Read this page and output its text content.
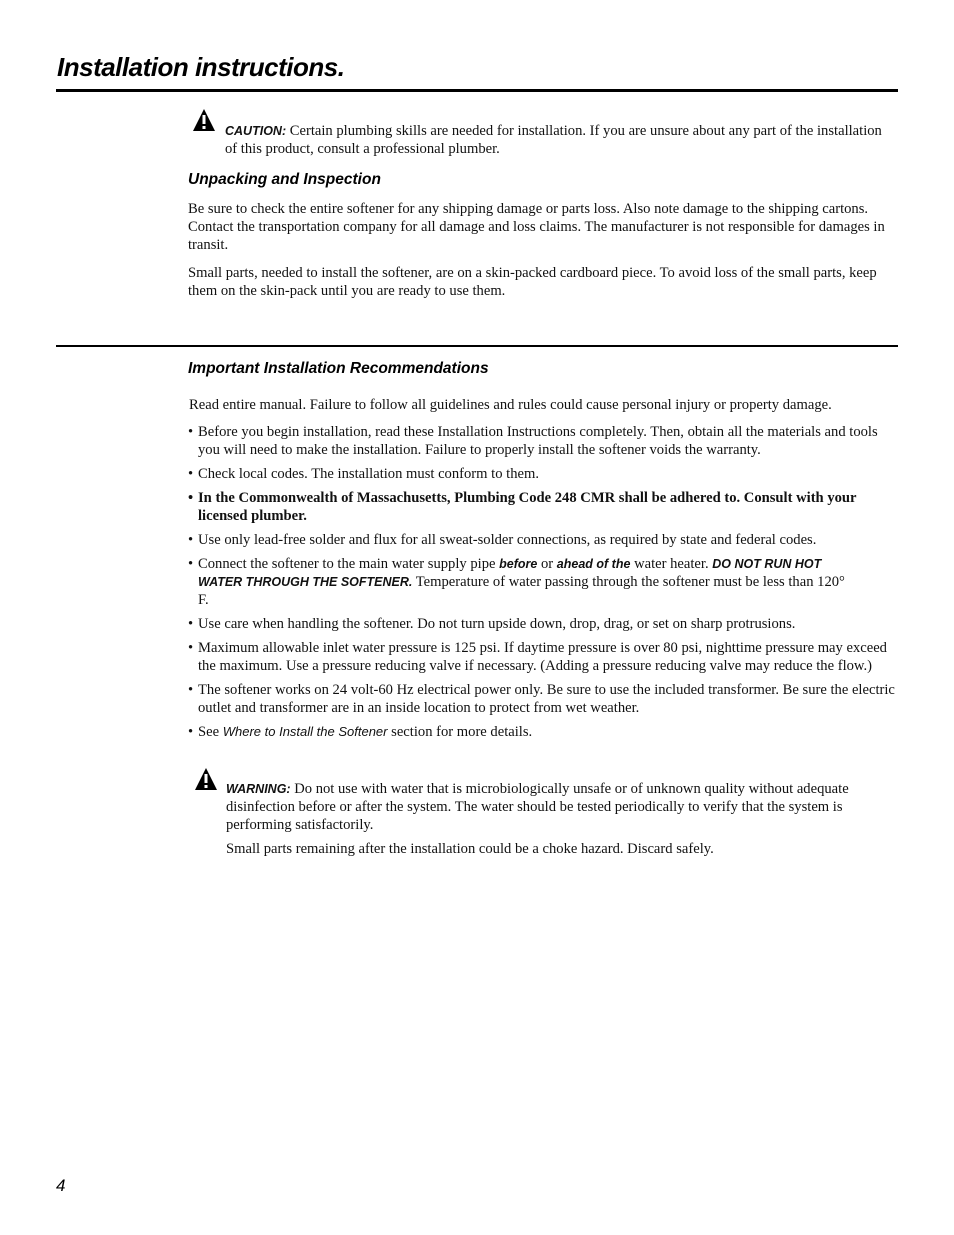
Installation instructions.

CAUTION: Certain plumbing skills are needed for installation. If you are unsure about any part of the installation of this product, consult a professional plumber.

Unpacking and Inspection

Be sure to check the entire softener for any shipping damage or parts loss. Also note damage to the shipping cartons. Contact the transportation company for all damage and loss claims. The manufacturer is not responsible for damages in transit.

Small parts, needed to install the softener, are on a skin-packed cardboard piece. To avoid loss of the small parts, keep them on the skin-pack until you are ready to use them.

Important Installation Recommendations

Read entire manual. Failure to follow all guidelines and rules could cause personal injury or property damage.

• Before you begin installation, read these Installation Instructions completely. Then, obtain all the materials and tools you will need to make the installation. Failure to properly install the softener voids the warranty.
• Check local codes. The installation must conform to them.
• In the Commonwealth of Massachusetts, Plumbing Code 248 CMR shall be adhered to. Consult with your licensed plumber.
• Use only lead-free solder and flux for all sweat-solder connections, as required by state and federal codes.
• Connect the softener to the main water supply pipe before or ahead of the water heater. DO NOT RUN HOT WATER THROUGH THE SOFTENER. Temperature of water passing through the softener must be less than 120° F.
• Use care when handling the softener. Do not turn upside down, drop, drag, or set on sharp protrusions.
• Maximum allowable inlet water pressure is 125 psi. If daytime pressure is over 80 psi, nighttime pressure may exceed the maximum. Use a pressure reducing valve if necessary. (Adding a pressure reducing valve may reduce the flow.)
• The softener works on 24 volt-60 Hz electrical power only. Be sure to use the included transformer. Be sure the electric outlet and transformer are in an inside location to protect from wet weather.
• See Where to Install the Softener section for more details.

WARNING: Do not use with water that is microbiologically unsafe or of unknown quality without adequate disinfection before or after the system. The water should be tested periodically to verify that the system is performing satisfactorily.

Small parts remaining after the installation could be a choke hazard. Discard safely.

4
